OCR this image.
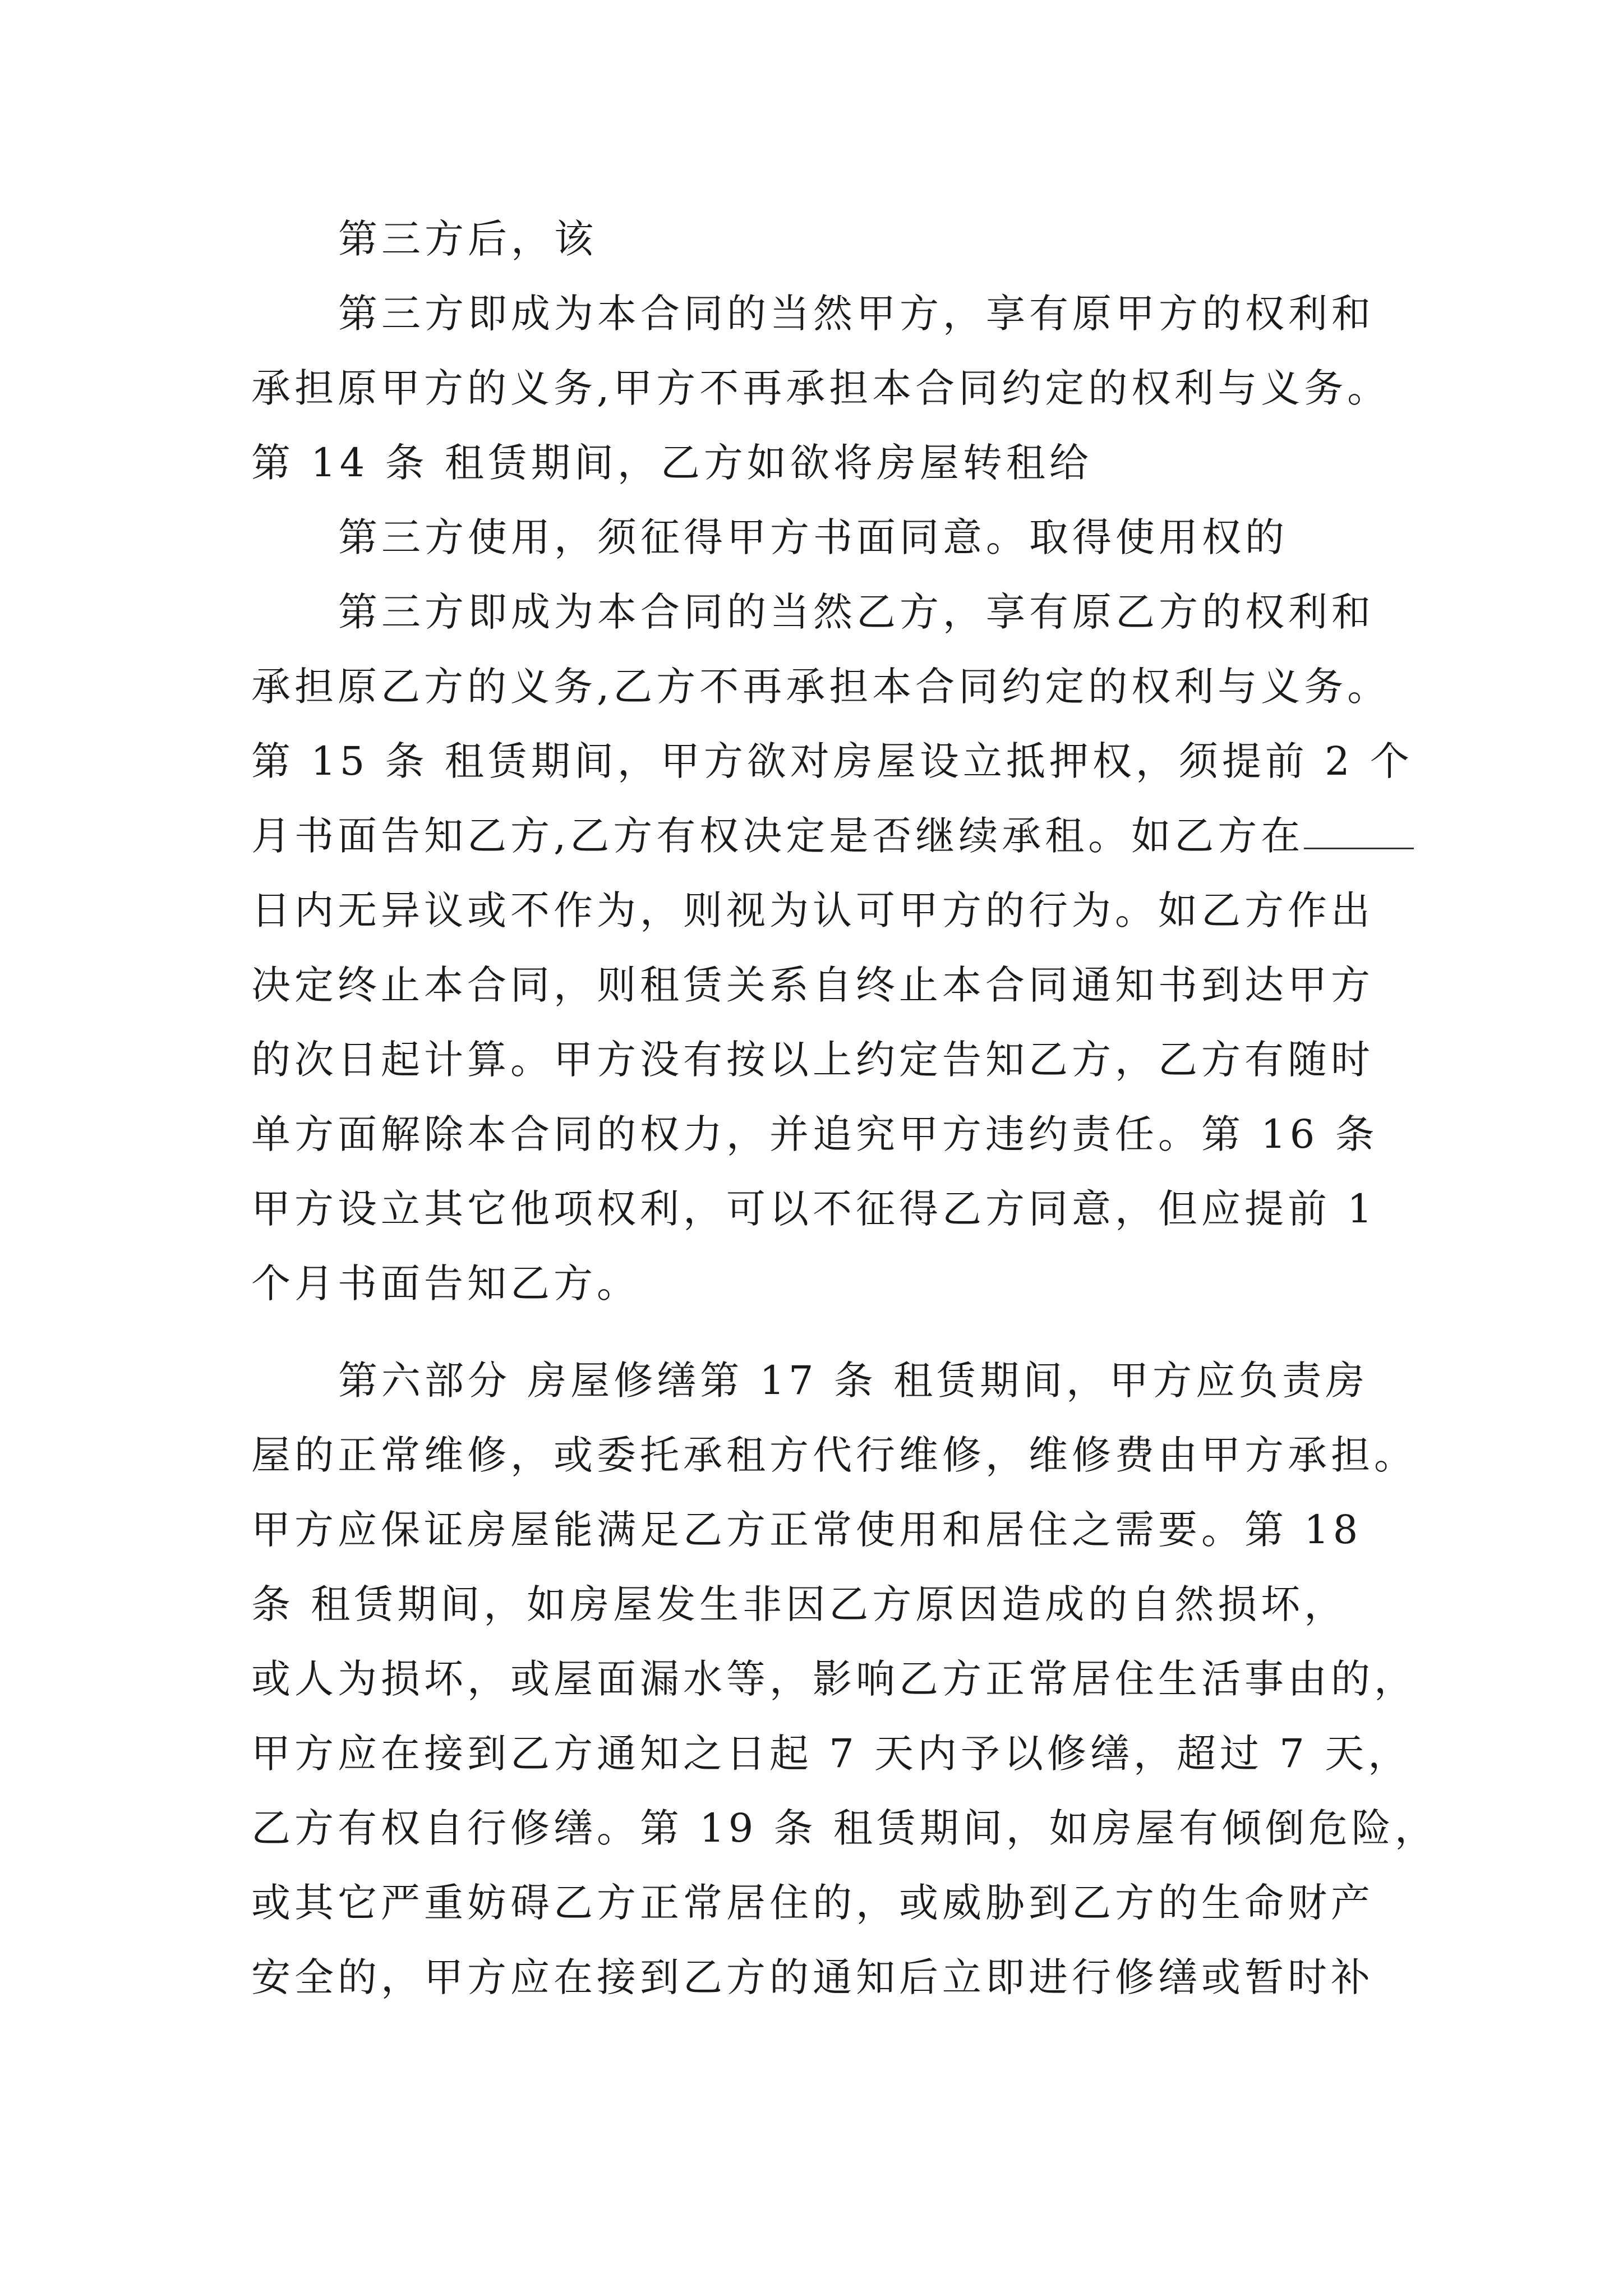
第三方后，该
第三方即成为本合同的当然甲方，享有原甲方的权利和
承担原甲方的义务,甲方不再承担本合同约定的权利与义务。
第 14 条 租赁期间，乙方如欲将房屋转租给
第三方使用，须征得甲方书面同意。取得使用权的
第三方即成为本合同的当然乙方，享有原乙方的权利和
承担原乙方的义务,乙方不再承担本合同约定的权利与义务。
第 15 条 租赁期间，甲方欲对房屋设立抵押权，须提前 2 个
月书面告知乙方,乙方有权决定是否继续承租。如乙方在
日内无异议或不作为，则视为认可甲方的行为。如乙方作出
决定终止本合同，则租赁关系自终止本合同通知书到达甲方
的次日起计算。甲方没有按以上约定告知乙方，乙方有随时
单方面解除本合同的权力，并追究甲方违约责任。第 16 条
甲方设立其它他项权利，可以不征得乙方同意，但应提前 1
个月书面告知乙方。
第六部分 房屋修缮第 17 条 租赁期间，甲方应负责房
屋的正常维修，或委托承租方代行维修，维修费由甲方承担。
甲方应保证房屋能满足乙方正常使用和居住之需要。第 18
条 租赁期间，如房屋发生非因乙方原因造成的自然损坏，
或人为损坏，或屋面漏水等，影响乙方正常居住生活事由的，
甲方应在接到乙方通知之日起 7 天内予以修缮，超过 7 天，
乙方有权自行修缮。第 19 条 租赁期间，如房屋有倾倒危险，
或其它严重妨碍乙方正常居住的，或威胁到乙方的生命财产
安全的，甲方应在接到乙方的通知后立即进行修缮或暂时补
